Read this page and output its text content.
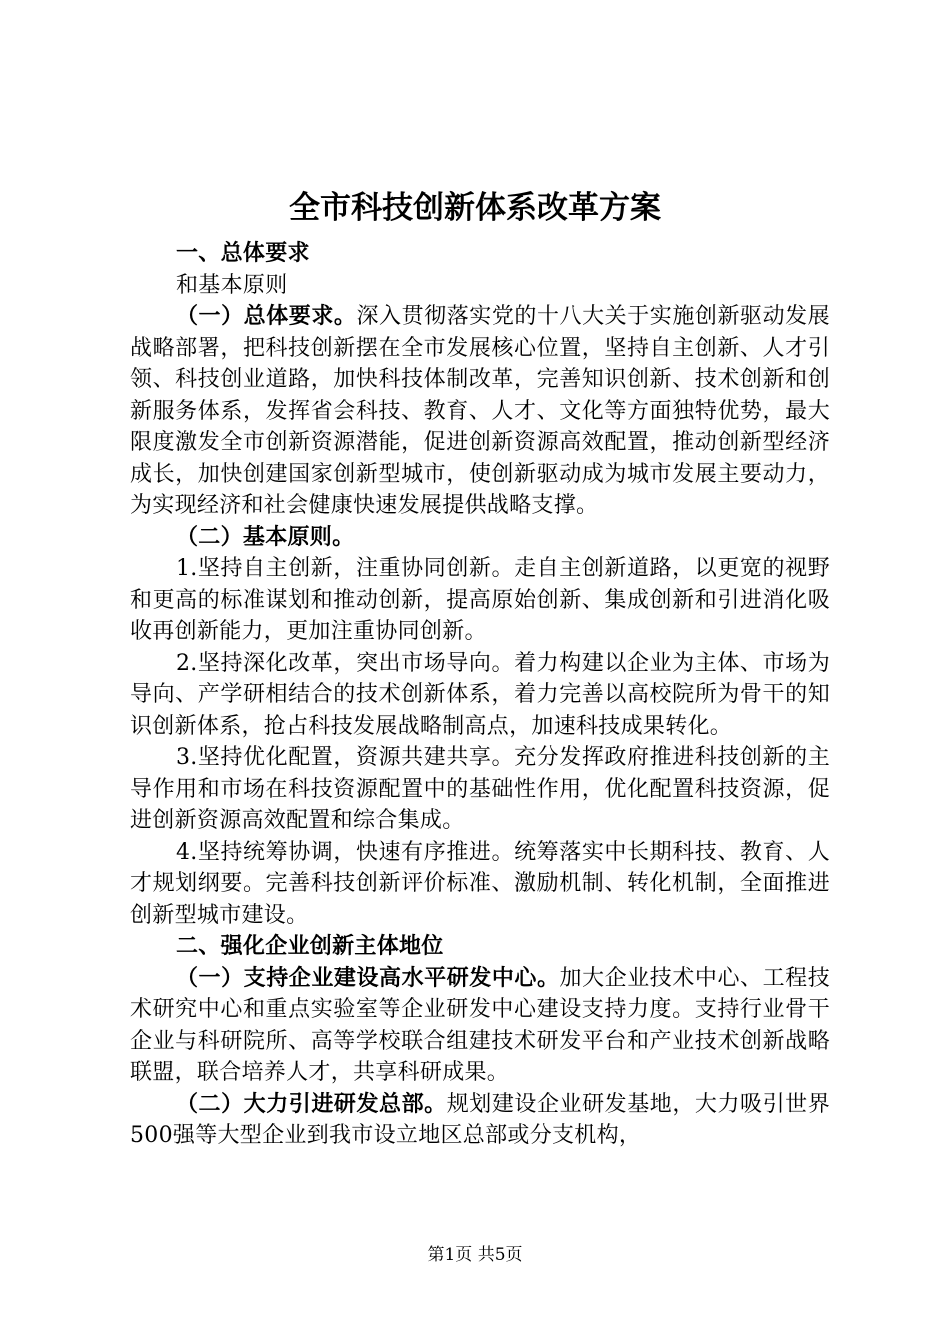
全市科技创新体系改革方案

一、总体要求

和基本原则

（一）总体要求。深入贯彻落实党的十八大关于实施创新驱动发展战略部署，把科技创新摆在全市发展核心位置，坚持自主创新、人才引领、科技创业道路，加快科技体制改革，完善知识创新、技术创新和创新服务体系，发挥省会科技、教育、人才、文化等方面独特优势，最大限度激发全市创新资源潜能，促进创新资源高效配置，推动创新型经济成长，加快创建国家创新型城市，使创新驱动成为城市发展主要动力，为实现经济和社会健康快速发展提供战略支撑。

（二）基本原则。

1.坚持自主创新，注重协同创新。走自主创新道路，以更宽的视野和更高的标准谋划和推动创新，提高原始创新、集成创新和引进消化吸收再创新能力，更加注重协同创新。

2.坚持深化改革，突出市场导向。着力构建以企业为主体、市场为导向、产学研相结合的技术创新体系，着力完善以高校院所为骨干的知识创新体系，抢占科技发展战略制高点，加速科技成果转化。

3.坚持优化配置，资源共建共享。充分发挥政府推进科技创新的主导作用和市场在科技资源配置中的基础性作用，优化配置科技资源，促进创新资源高效配置和综合集成。

4.坚持统筹协调，快速有序推进。统筹落实中长期科技、教育、人才规划纲要。完善科技创新评价标准、激励机制、转化机制，全面推进创新型城市建设。

二、强化企业创新主体地位

（一）支持企业建设高水平研发中心。加大企业技术中心、工程技术研究中心和重点实验室等企业研发中心建设支持力度。支持行业骨干企业与科研院所、高等学校联合组建技术研发平台和产业技术创新战略联盟，联合培养人才，共享科研成果。

（二）大力引进研发总部。规划建设企业研发基地，大力吸引世界500强等大型企业到我市设立地区总部或分支机构，

第1页 共5页
